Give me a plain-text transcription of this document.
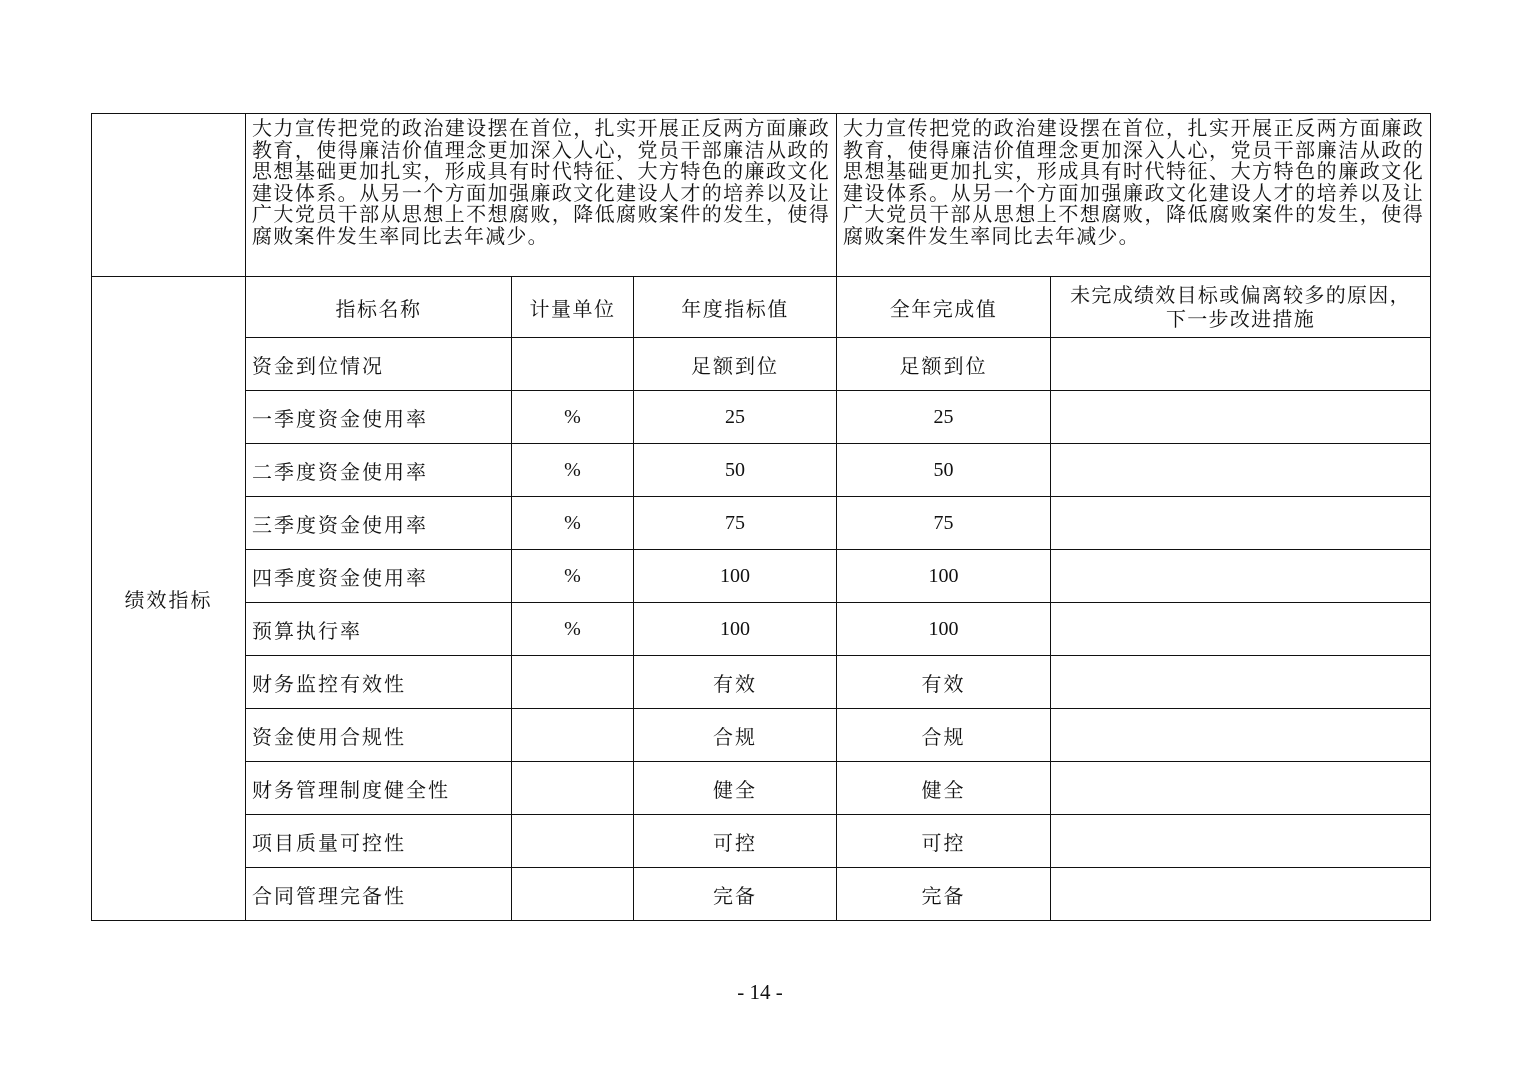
	大力宣传把党的政治建设摆在首位，扎实开展正反两方面廉政教育，使得廉洁价值理念更加深入人心，党员干部廉洁从政的思想基础更加扎实，形成具有时代特征、大方特色的廉政文化建设体系。从另一个方面加强廉政文化建设人才的培养以及让广大党员干部从思想上不想腐败，降低腐败案件的发生，使得腐败案件发生率同比去年减少。			大力宣传把党的政治建设摆在首位，扎实开展正反两方面廉政教育，使得廉洁价值理念更加深入人心，党员干部廉洁从政的思想基础更加扎实，形成具有时代特征、大方特色的廉政文化建设体系。从另一个方面加强廉政文化建设人才的培养以及让广大党员干部从思想上不想腐败，降低腐败案件的发生，使得腐败案件发生率同比去年减少。	
绩效指标	指标名称	计量单位	年度指标值	全年完成值	未完成绩效目标或偏离较多的原因，
下一步改进措施

	资金到位情况		足额到位	足额到位	
	一季度资金使用率	%	25	25	
	二季度资金使用率	%	50	50	
	三季度资金使用率	%	75	75	
	四季度资金使用率	%	100	100	
	预算执行率	%	100	100	
	财务监控有效性		有效	有效	
	资金使用合规性		合规	合规	
	财务管理制度健全性		健全	健全	
	项目质量可控性		可控	可控	
	合同管理完备性		完备	完备	
- 14 -
